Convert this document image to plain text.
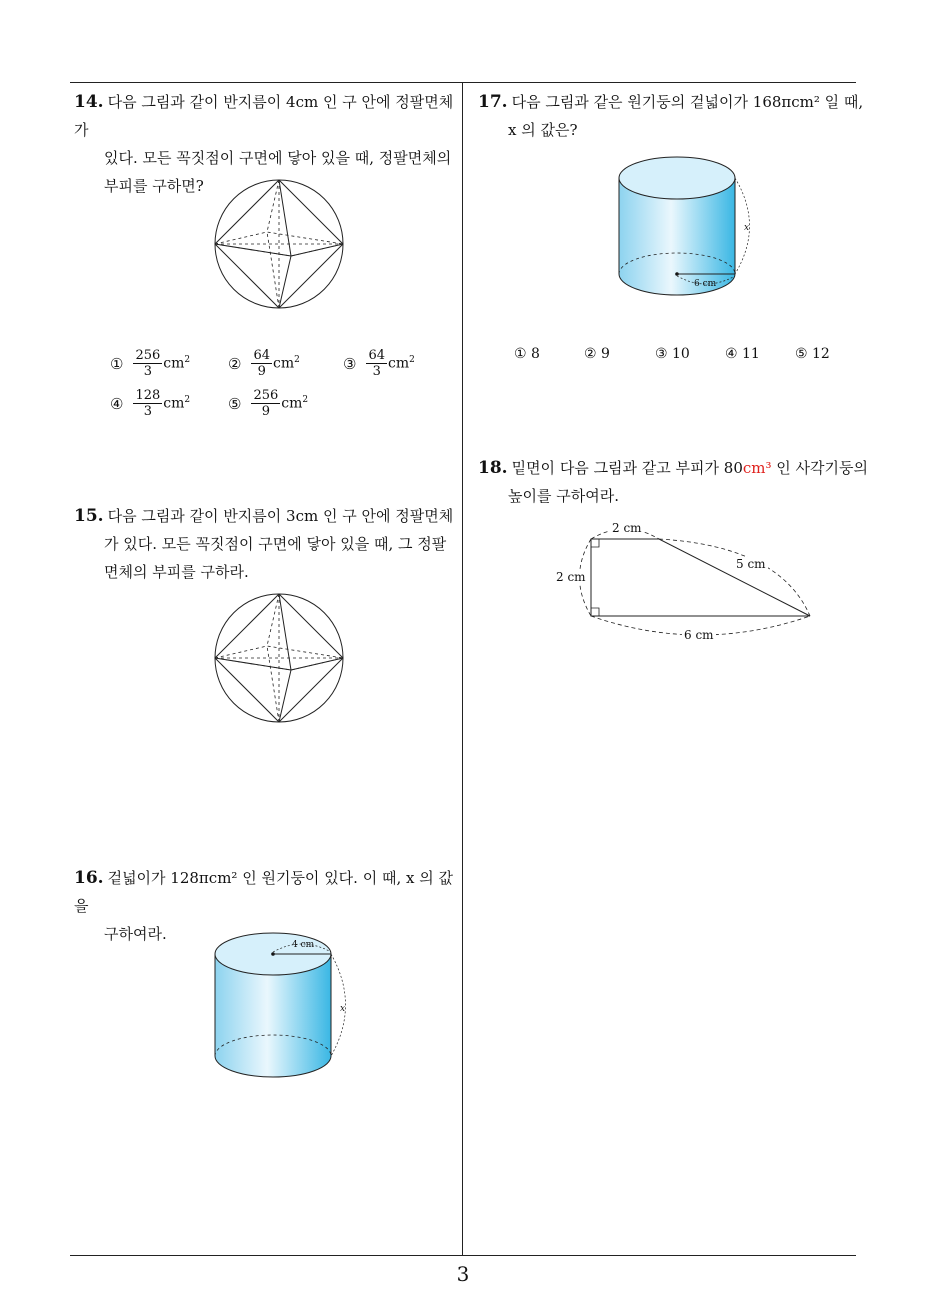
14. 다음 그림과 같이 반지름이 4cm 인 구 안에 정팔면체가
있다. 모든 꼭짓점이 구면에 닿아 있을 때, 정팔면체의
부피를 구하면?
① $\frac{256}{3} cm^2$	② $\frac{64}{9} cm^2$	③ $\frac{64}{3} cm^2$
④ $\frac{128}{3} cm^2$	⑤ $\frac{256}{9} cm^2$
15. 다음 그림과 같이 반지름이 3cm 인 구 안에 정팔면체
가 있다. 모든 꼭짓점이 구면에 닿아 있을 때, 그 정팔
면체의 부피를 구하라.
16. 겉넓이가 128πcm² 인 원기둥이 있다. 이 때, x 의 값을
구하여라.
4 cm
x
17. 다음 그림과 같은 원기둥의 겉넓이가 168πcm² 일 때,
x 의 값은?
6 cm
x
① 8	② 9	③ 10	④ 11	⑤ 12
18. 밑면이 다음 그림과 같고 부피가 80cm³ 인 사각기둥의
높이를 구하여라.
2 cm
2 cm
5 cm
6 cm
3
